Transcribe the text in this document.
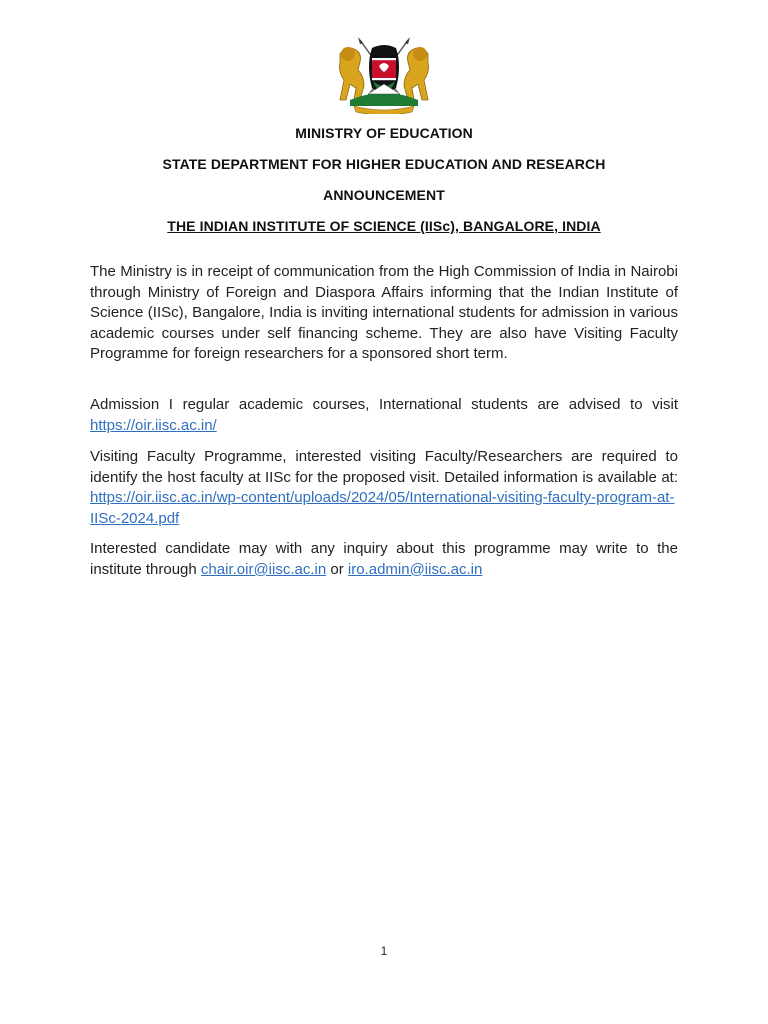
MINISTRY OF EDUCATION
STATE DEPARTMENT FOR HIGHER EDUCATION AND RESEARCH
ANNOUNCEMENT
THE INDIAN INSTITUTE OF SCIENCE (IISc), BANGALORE, INDIA

The Ministry is in receipt of communication from the High Commission of India in Nairobi through Ministry of Foreign and Diaspora Affairs informing that the Indian Institute of Science (IISc), Bangalore, India is inviting international students for admission in various academic courses under self financing scheme. They are also have Visiting Faculty Programme for foreign researchers for a sponsored short term.

Admission I regular academic courses, International students are advised to visit https://oir.iisc.ac.in/

Visiting Faculty Programme, interested visiting Faculty/Researchers are required to identify the host faculty at IISc for the proposed visit. Detailed information is available at: https://oir.iisc.ac.in/wp-content/uploads/2024/05/International-visiting-faculty-program-at-IISc-2024.pdf

Interested candidate may with any inquiry about this programme may write to the institute through chair.oir@iisc.ac.in or iro.admin@iisc.ac.in

1
